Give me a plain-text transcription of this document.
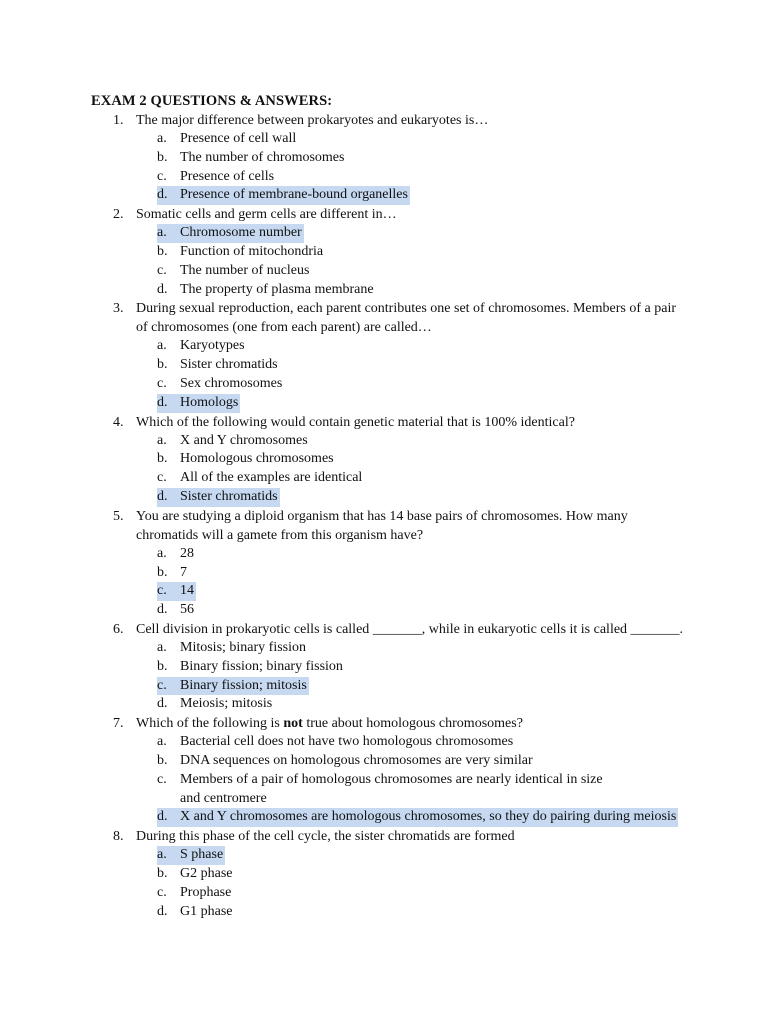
EXAM 2 QUESTIONS & ANSWERS:
1. The major difference between prokaryotes and eukaryotes is…
a. Presence of cell wall
b. The number of chromosomes
c. Presence of cells
d. Presence of membrane-bound organelles
2. Somatic cells and germ cells are different in…
a. Chromosome number
b. Function of mitochondria
c. The number of nucleus
d. The property of plasma membrane
3. During sexual reproduction, each parent contributes one set of chromosomes. Members of a pair of chromosomes (one from each parent) are called…
a. Karyotypes
b. Sister chromatids
c. Sex chromosomes
d. Homologs
4. Which of the following would contain genetic material that is 100% identical?
a. X and Y chromosomes
b. Homologous chromosomes
c. All of the examples are identical
d. Sister chromatids
5. You are studying a diploid organism that has 14 base pairs of chromosomes. How many chromatids will a gamete from this organism have?
a. 28
b. 7
c. 14
d. 56
6. Cell division in prokaryotic cells is called _______, while in eukaryotic cells it is called _______.
a. Mitosis; binary fission
b. Binary fission; binary fission
c. Binary fission; mitosis
d. Meiosis; mitosis
7. Which of the following is not true about homologous chromosomes?
a. Bacterial cell does not have two homologous chromosomes
b. DNA sequences on homologous chromosomes are very similar
c. Members of a pair of homologous chromosomes are nearly identical in size and centromere
d. X and Y chromosomes are homologous chromosomes, so they do pairing during meiosis
8. During this phase of the cell cycle, the sister chromatids are formed
a. S phase
b. G2 phase
c. Prophase
d. G1 phase
